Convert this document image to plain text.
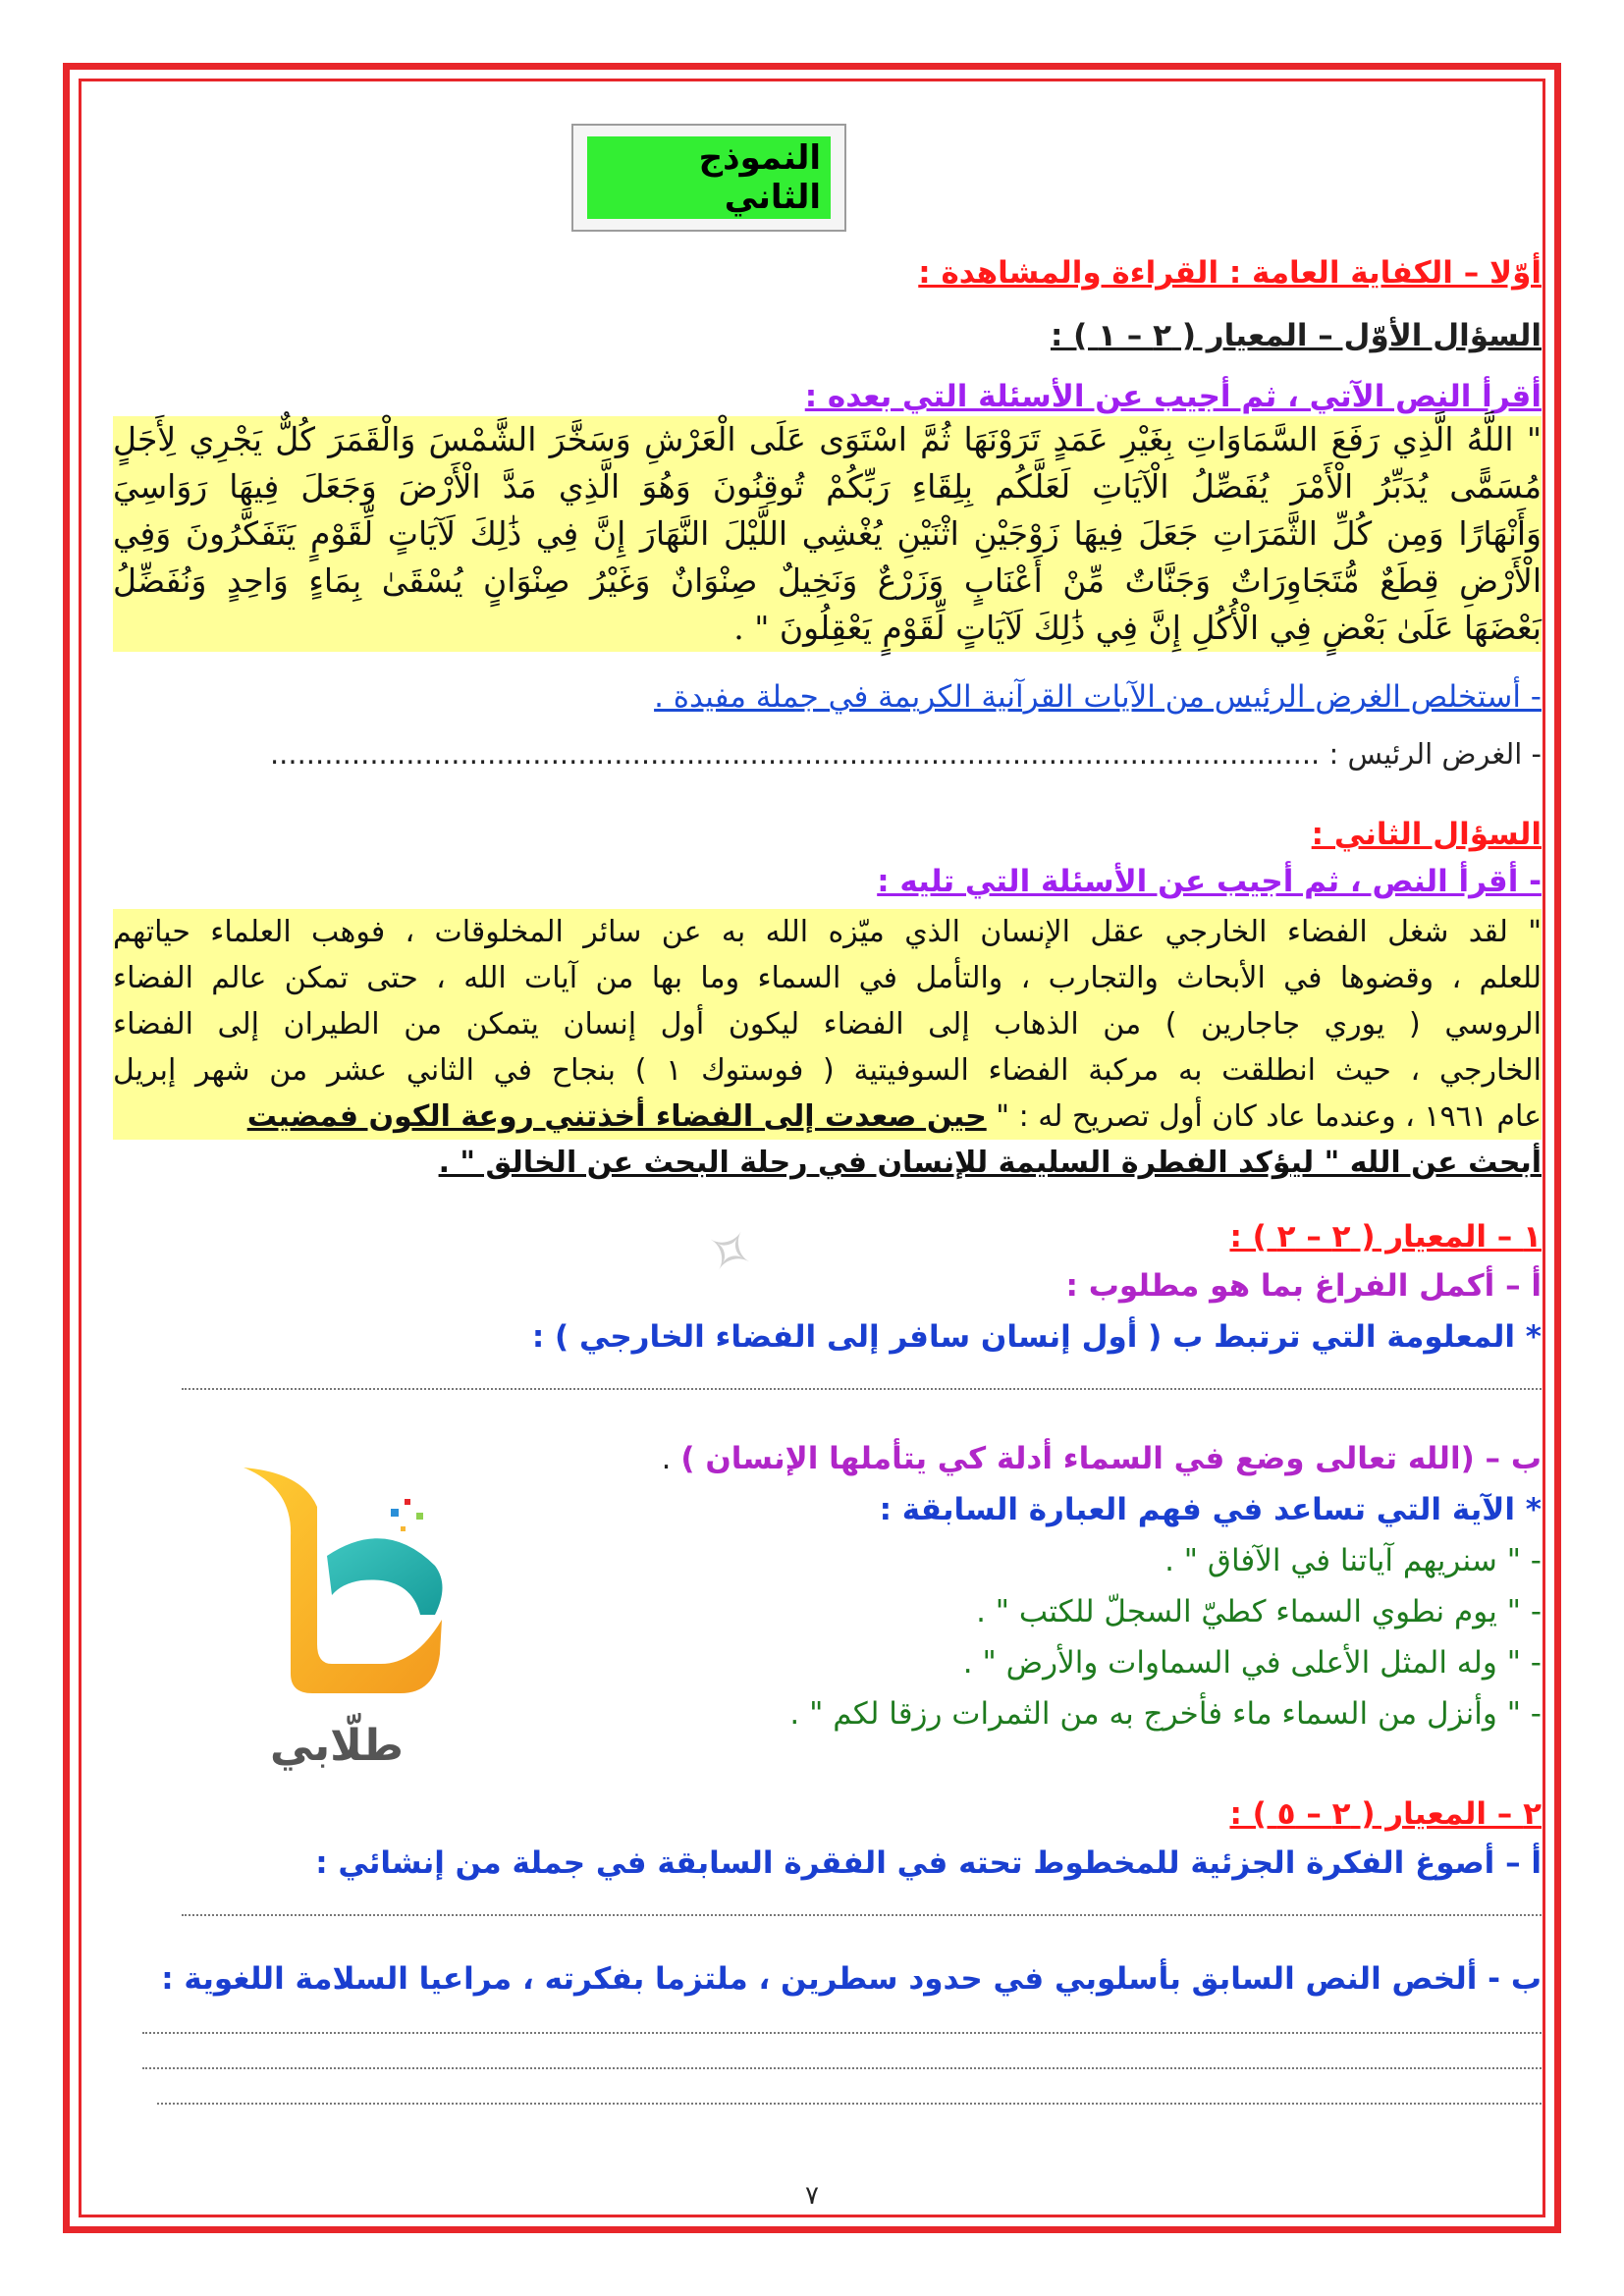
النموذج الثاني
أوّلا – الكفاية العامة : القراءة والمشاهدة :
السؤال الأوّل – المعيار ( ٢ – ١ ) :
أقرأ النص الآتي ، ثم أجيب عن الأسئلة التي بعده :
" اللَّهُ الَّذِي رَفَعَ السَّمَاوَاتِ بِغَيْرِ عَمَدٍ تَرَوْنَهَا ثُمَّ اسْتَوَى عَلَى الْعَرْشِ وَسَخَّرَ الشَّمْسَ وَالْقَمَرَ كُلٌّ يَجْرِي لِأَجَلٍ
مُسَمًّى يُدَبِّرُ الْأَمْرَ يُفَصِّلُ الْآيَاتِ لَعَلَّكُم بِلِقَاءِ رَبِّكُمْ تُوقِنُونَ وَهُوَ الَّذِي مَدَّ الْأَرْضَ وَجَعَلَ فِيهَا رَوَاسِيَ
وَأَنْهَارًا وَمِن كُلِّ الثَّمَرَاتِ جَعَلَ فِيهَا زَوْجَيْنِ اثْنَيْنِ يُغْشِي اللَّيْلَ النَّهَارَ إِنَّ فِي ذَٰلِكَ لَآيَاتٍ لِّقَوْمٍ يَتَفَكَّرُونَ وَفِي
الْأَرْضِ قِطَعٌ مُّتَجَاوِرَاتٌ وَجَنَّاتٌ مِّنْ أَعْنَابٍ وَزَرْعٌ وَنَخِيلٌ صِنْوَانٌ وَغَيْرُ صِنْوَانٍ يُسْقَىٰ بِمَاءٍ وَاحِدٍ وَنُفَضِّلُ
بَعْضَهَا عَلَىٰ بَعْضٍ فِي الْأُكُلِ إِنَّ فِي ذَٰلِكَ لَآيَاتٍ لِّقَوْمٍ يَعْقِلُونَ " .
- أستخلص الغرض الرئيس من الآيات القرآنية الكريمة في جملة مفيدة .
- الغرض الرئيس : ....................................................................................................................
السؤال الثاني :
- أقرأ النص ، ثم أجيب عن الأسئلة التي تليه :
" لقد شغل الفضاء الخارجي عقل الإنسان الذي ميّزه الله به عن سائر المخلوقات ، فوهب العلماء حياتهم
للعلم ، وقضوها في الأبحاث والتجارب ، والتأمل في السماء وما بها من آيات الله ، حتى تمكن عالم الفضاء
الروسي ( يوري جاجارين ) من الذهاب إلى الفضاء ليكون أول إنسان يتمكن من الطيران إلى الفضاء
الخارجي ، حيث انطلقت به مركبة الفضاء السوفيتية ( فوستوك ١ ) بنجاح في الثاني عشر من شهر إبريل
عام ١٩٦١ ، وعندما عاد كان أول تصريح له : " حين صعدت إلى الفضاء أخذتني روعة الكون فمضيت
أبحث عن الله " ليؤكد الفطرة السليمة للإنسان في رحلة البحث عن الخالق " .
١ – المعيار ( ٢ – ٢ ) :
أ – أكمل الفراغ بما هو مطلوب :
* المعلومة التي ترتبط ب ( أول إنسان سافر إلى الفضاء الخارجي ) :
ب – (الله تعالى وضع في السماء أدلة كي يتأملها الإنسان ) .
* الآية التي تساعد في فهم العبارة السابقة :
- " سنريهم آياتنا في الآفاق " .
- " يوم نطوي السماء كطيّ السجلّ للكتب " .
- " وله المثل الأعلى في السماوات والأرض " .
- " وأنزل من السماء ماء فأخرج به من الثمرات رزقا لكم " .
٢ – المعيار ( ٢ – ٥ ) :
أ – أصوغ الفكرة الجزئية للمخطوط تحته في الفقرة السابقة في جملة من إنشائي :
ب - ألخص النص السابق بأسلوبي في حدود سطرين ، ملتزما بفكرته ، مراعيا السلامة اللغوية :
✧
طلّابي
٧
